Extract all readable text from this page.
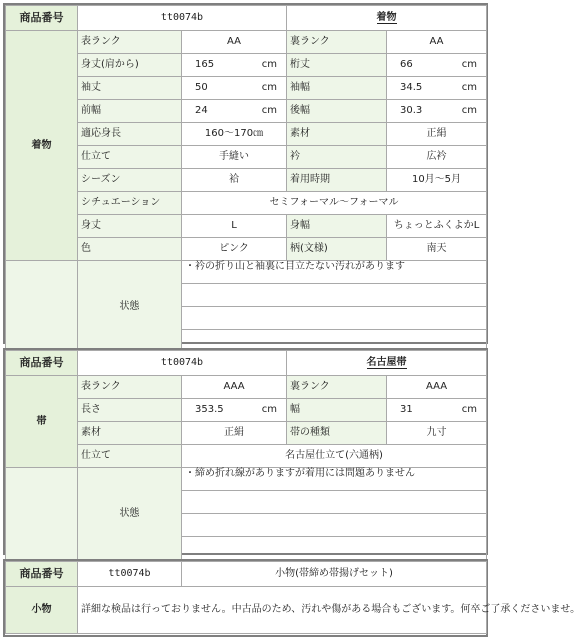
商品番号	tt0074b		着物	
着物	表ランク	AA	裏ランク	AA
	身丈(肩から)	165 cm	桁丈	66 cm

	袖丈	50 cm	袖幅	34.5 cm

	前幅	24 cm	後幅	30.3 cm

	適応身長	160～170㎝	素材	正絹
	仕立て	手縫い	衿	広衿
	シーズン	袷	着用時期	10月～5月
	シチュエーション	セミフォーマル～フォーマル		
	身丈	L	身幅	ちょっとふくよかL
	色	ピンク	柄(文様)	南天
	状態	・衿の折り山と袖裏に目立たない汚れがあります		

商品番号	tt0074b		名古屋帯	
帯	表ランク	AAA	裏ランク	AAA
	長さ	353.5 cm	幅	31 cm

	素材	正絹	帯の種類	九寸
	仕立て	名古屋仕立て(六通柄)		
	状態	・締め折れ線がありますが着用には問題ありません		

商品番号	tt0074b	小物(帯締め帯揚げセット)
小物	詳細な検品は行っておりません。中古品のため、汚れや傷がある場合もございます。何卒ご了承くださいませ。	
